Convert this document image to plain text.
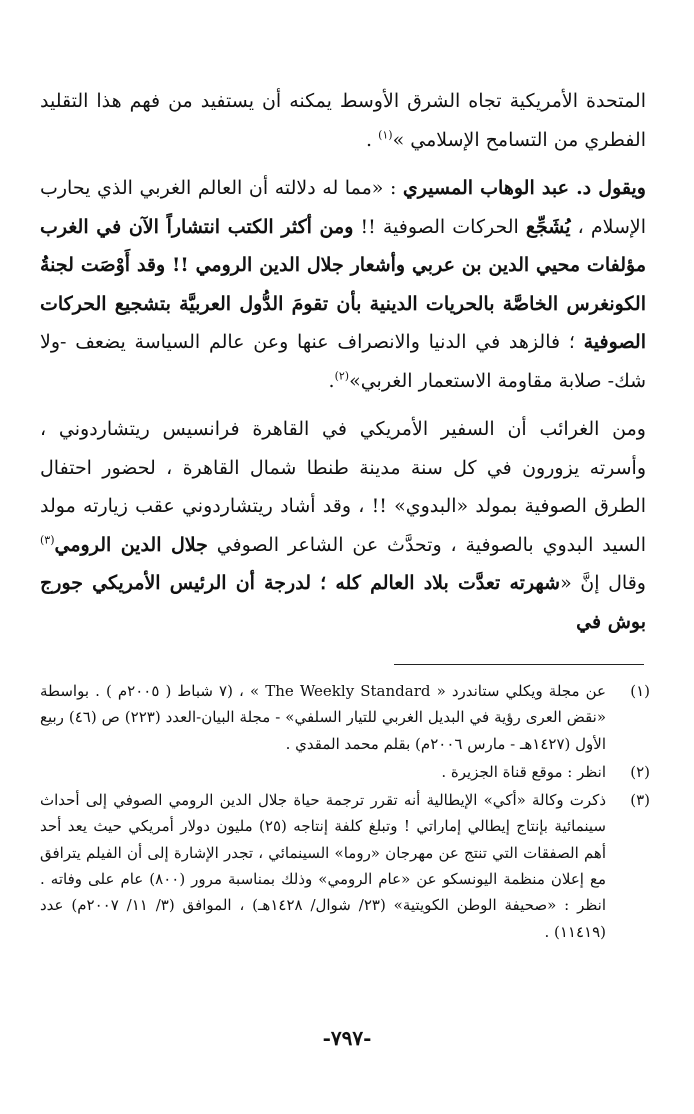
المتحدة الأمريكية تجاه الشرق الأوسط يمكنه أن يستفيد من فهم هذا التقليد الفطري من التسامح الإسلامي »$^{(١)}$ .

ويقول د. عبد الوهاب المسيري : «مما له دلالته أن العالم الغربي الذي يحارب الإسلام ، يُشَجِّع الحركات الصوفية !! ومن أكثر الكتب انتشاراً الآن في الغرب مؤلفات محيي الدين بن عربي وأشعار جلال الدين الرومي !! وقد أَوْصَت لجنةُ الكونغرس الخاصَّة بالحريات الدينية بأن تقومَ الدُّول العربيَّة بتشجيع الحركات الصوفية ؛ فالزهد في الدنيا والانصراف عنها وعن عالم السياسة يضعف -ولا شك- صلابة مقاومة الاستعمار الغربي»$^{(٢)}$.

ومن الغرائب أن السفير الأمريكي في القاهرة فرانسيس ريتشاردوني ، وأسرته يزورون في كل سنة مدينة طنطا شمال القاهرة ، لحضور احتفال الطرق الصوفية بمولد «البدوي» !! ، وقد أشاد ريتشاردوني عقب زيارته مولد السيد البدوي بالصوفية ، وتحدَّث عن الشاعر الصوفي جلال الدين الرومي$^{(٣)}$ وقال إنَّ «شهرته تعدَّت بلاد العالم كله ؛ لدرجة أن الرئيس الأمريكي جورج بوش في

(١)
عن مجلة ويكلي ستاندرد « The Weekly Standard » ، (٧ شباط ( ٢٠٠٥م ) . بواسطة «نقض العرى رؤية في البديل الغربي للتيار السلفي» - مجلة البيان-العدد (٢٢٣) ص (٤٦) ربيع الأول (١٤٢٧هـ - مارس ٢٠٠٦م) بقلم محمد المقدي .
(٢)
انظر : موقع قناة الجزيرة .
(٣)
ذكرت وكالة «أكي» الإيطالية أنه تقرر ترجمة حياة جلال الدين الرومي الصوفي إلى أحداث سينمائية بإنتاج إيطالي إماراتي ! وتبلغ كلفة إنتاجه (٢٥) مليون دولار أمريكي حيث يعد أحد أهم الصفقات التي تنتج عن مهرجان «روما» السينمائي ، تجدر الإشارة إلى أن الفيلم يترافق مع إعلان منظمة اليونسكو عن «عام الرومي» وذلك بمناسبة مرور (٨٠٠) عام على وفاته . انظر : «صحيفة الوطن الكويتية» (٢٣/ شوال/ ١٤٢٨هـ) ، الموافق (٣/ ١١/ ٢٠٠٧م) عدد (١١٤١٩) .
-٧٩٧-
